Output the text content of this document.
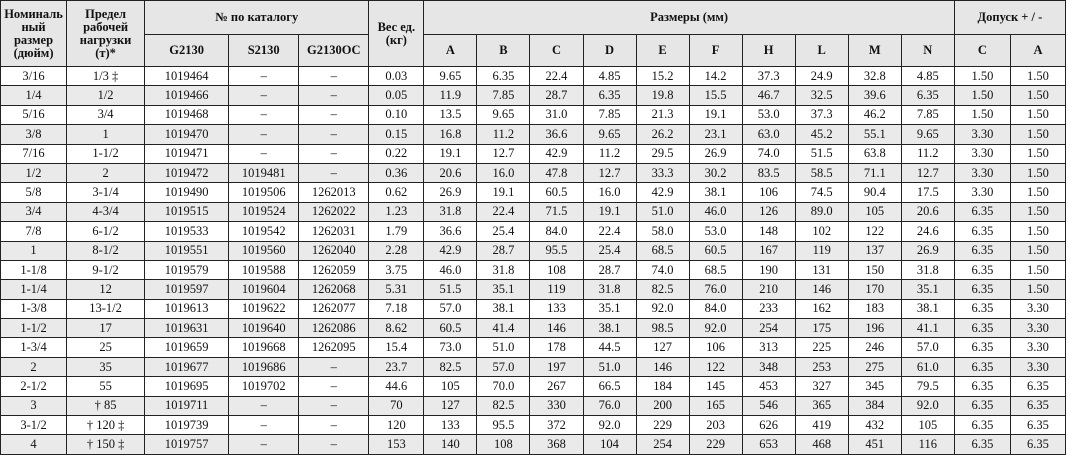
Номиналь ный размер (дюйм)	Предел рабочей нагрузки (т)*	№ по каталогу			Вес ед. (кг)	Размеры (мм)										Допуск + / -	
		G2130	S2130	G2130OC		A	B	C	D	E	F	H	L	M	N	C	A
3/16	1/3 ‡	1019464	–	–	0.03	9.65	6.35	22.4	4.85	15.2	14.2	37.3	24.9	32.8	4.85	1.50	1.50
1/4	1/2	1019466	–	–	0.05	11.9	7.85	28.7	6.35	19.8	15.5	46.7	32.5	39.6	6.35	1.50	1.50
5/16	3/4	1019468	–	–	0.10	13.5	9.65	31.0	7.85	21.3	19.1	53.0	37.3	46.2	7.85	1.50	1.50
3/8	1	1019470	–	–	0.15	16.8	11.2	36.6	9.65	26.2	23.1	63.0	45.2	55.1	9.65	3.30	1.50
7/16	1-1/2	1019471	–	–	0.22	19.1	12.7	42.9	11.2	29.5	26.9	74.0	51.5	63.8	11.2	3.30	1.50
1/2	2	1019472	1019481	–	0.36	20.6	16.0	47.8	12.7	33.3	30.2	83.5	58.5	71.1	12.7	3.30	1.50
5/8	3-1/4	1019490	1019506	1262013	0.62	26.9	19.1	60.5	16.0	42.9	38.1	106	74.5	90.4	17.5	3.30	1.50
3/4	4-3/4	1019515	1019524	1262022	1.23	31.8	22.4	71.5	19.1	51.0	46.0	126	89.0	105	20.6	6.35	1.50
7/8	6-1/2	1019533	1019542	1262031	1.79	36.6	25.4	84.0	22.4	58.0	53.0	148	102	122	24.6	6.35	1.50
1	8-1/2	1019551	1019560	1262040	2.28	42.9	28.7	95.5	25.4	68.5	60.5	167	119	137	26.9	6.35	1.50
1-1/8	9-1/2	1019579	1019588	1262059	3.75	46.0	31.8	108	28.7	74.0	68.5	190	131	150	31.8	6.35	1.50
1-1/4	12	1019597	1019604	1262068	5.31	51.5	35.1	119	31.8	82.5	76.0	210	146	170	35.1	6.35	1.50
1-3/8	13-1/2	1019613	1019622	1262077	7.18	57.0	38.1	133	35.1	92.0	84.0	233	162	183	38.1	6.35	3.30
1-1/2	17	1019631	1019640	1262086	8.62	60.5	41.4	146	38.1	98.5	92.0	254	175	196	41.1	6.35	3.30
1-3/4	25	1019659	1019668	1262095	15.4	73.0	51.0	178	44.5	127	106	313	225	246	57.0	6.35	3.30
2	35	1019677	1019686	–	23.7	82.5	57.0	197	51.0	146	122	348	253	275	61.0	6.35	3.30
2-1/2	55	1019695	1019702	–	44.6	105	70.0	267	66.5	184	145	453	327	345	79.5	6.35	6.35
3	† 85	1019711	–	–	70	127	82.5	330	76.0	200	165	546	365	384	92.0	6.35	6.35
3-1/2	† 120 ‡	1019739	–	–	120	133	95.5	372	92.0	229	203	626	419	432	105	6.35	6.35
4	† 150 ‡	1019757	–	–	153	140	108	368	104	254	229	653	468	451	116	6.35	6.35
